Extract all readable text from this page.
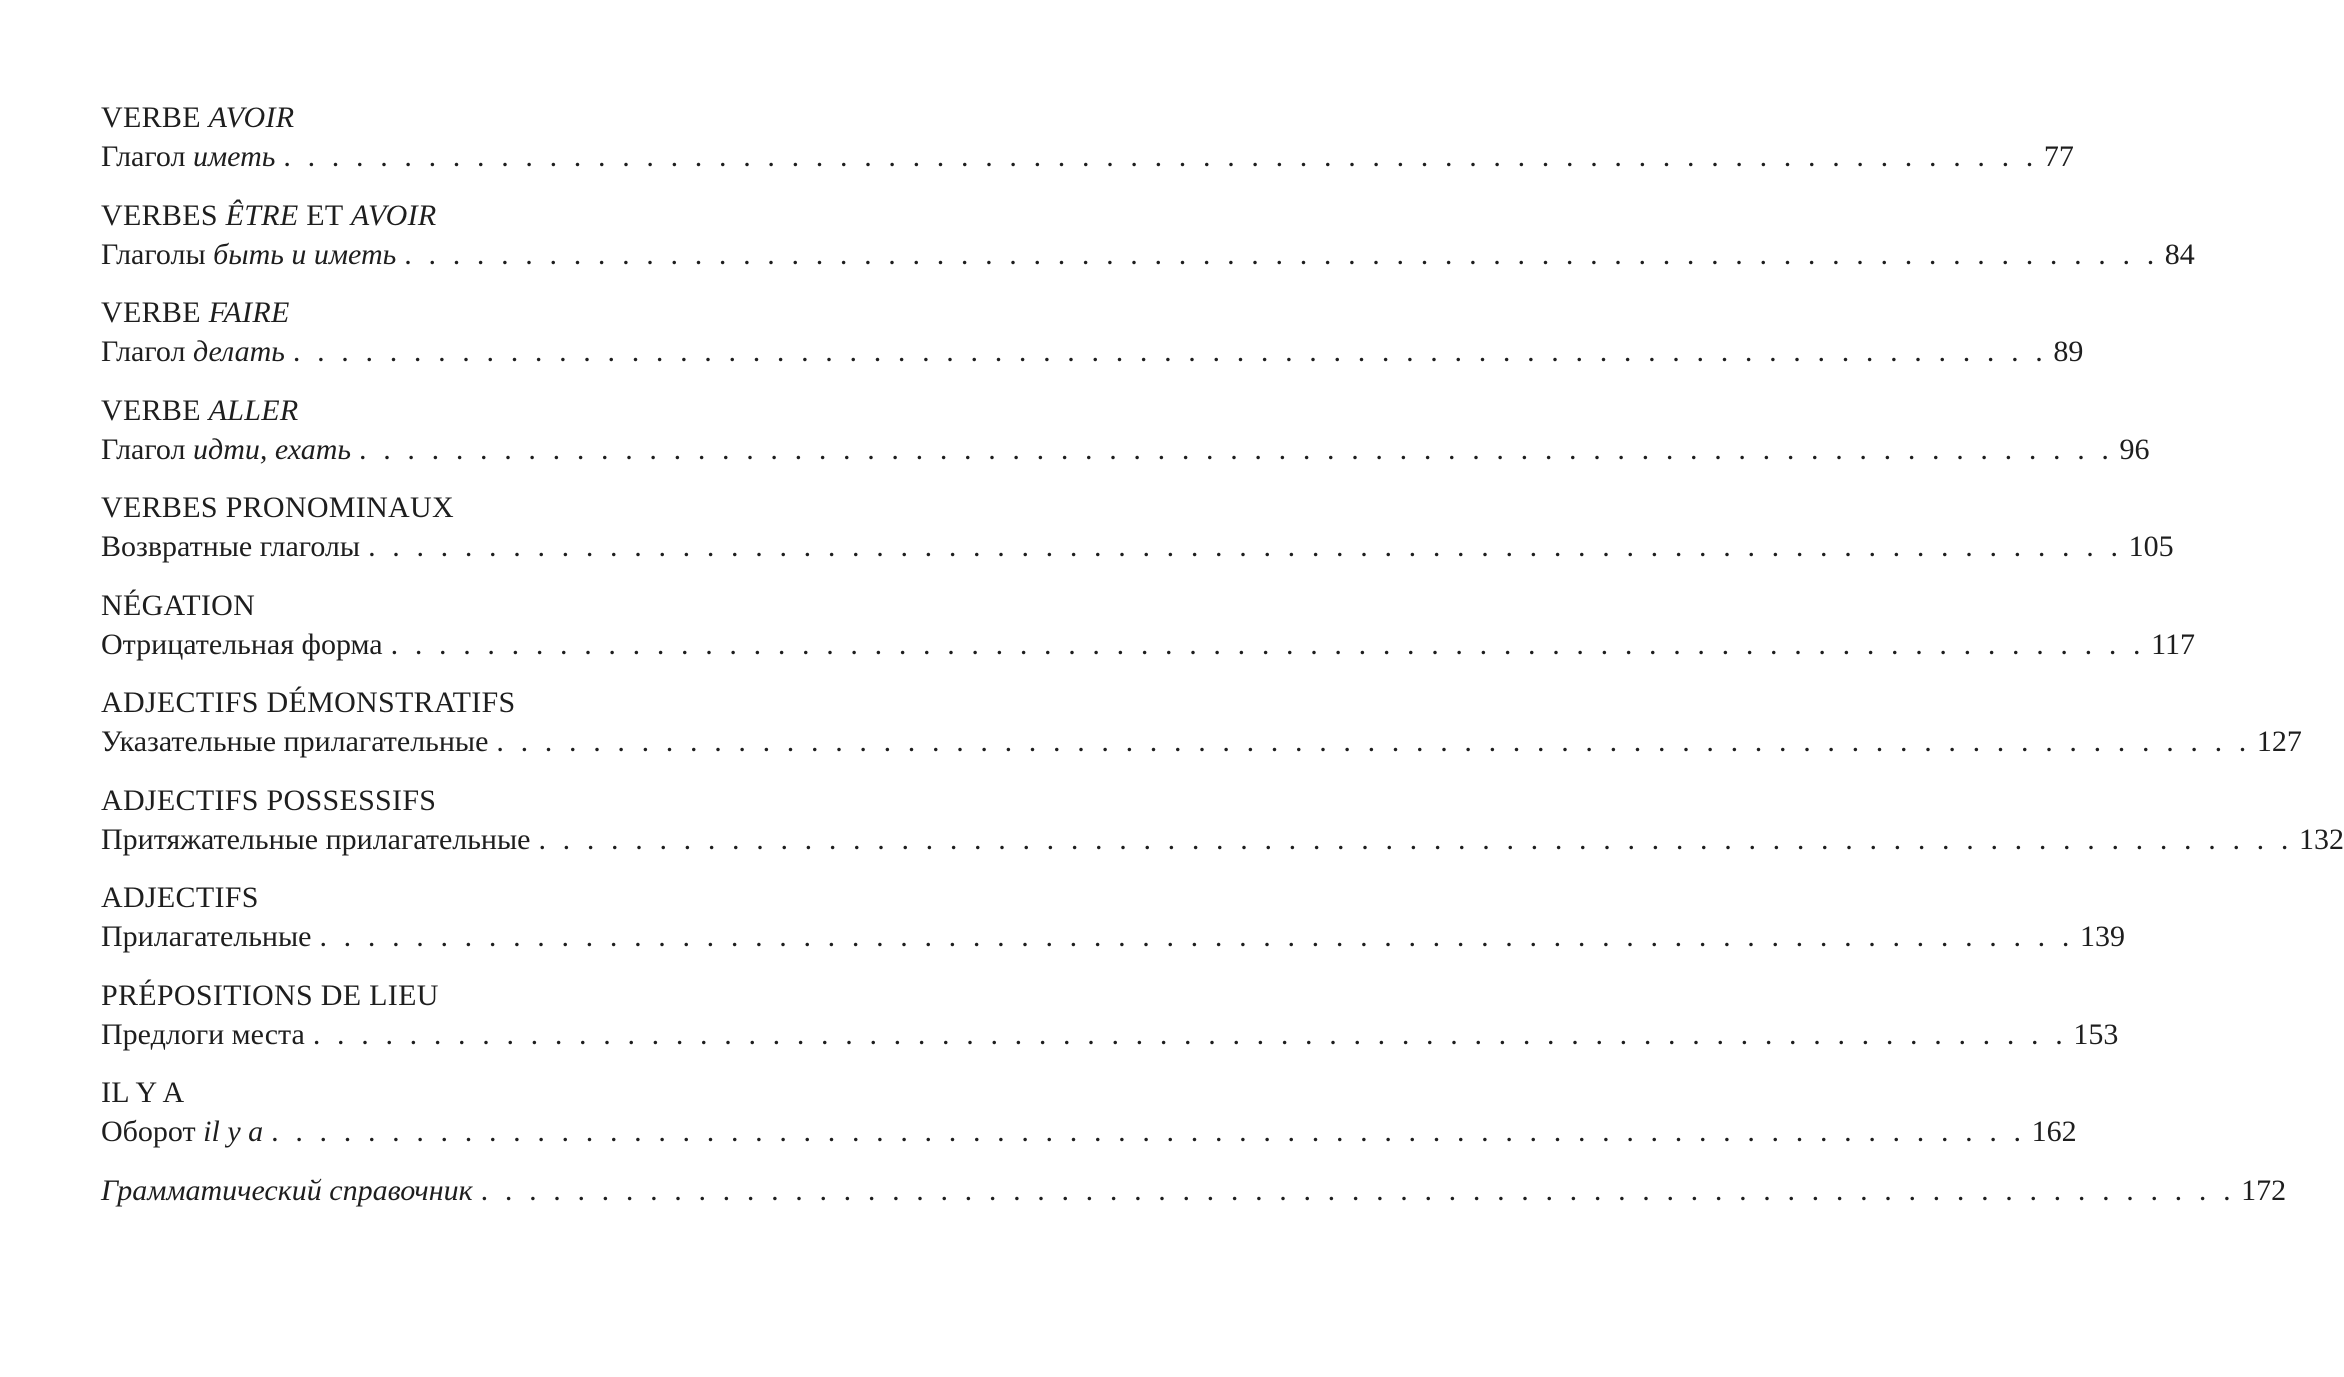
VERBE AVOIR
Глагол иметь . . . . . . . . . . . . . . . . . . . . . . . . . . . . . . . . . . . . . . . . . . . . . . . . . . . . . . . . . . . . . . . . . . . . . . . . . 77
VERBES ÊTRE ET AVOIR
Глаголы быть и иметь . . . . . . . . . . . . . . . . . . . . . . . . . . . . . . . . . . . . . . . . . . . . . . . . . . . . . . . . . . . . . . . . . . . . . . . . . 84
VERBE FAIRE
Глагол делать . . . . . . . . . . . . . . . . . . . . . . . . . . . . . . . . . . . . . . . . . . . . . . . . . . . . . . . . . . . . . . . . . . . . . . . . . 89
VERBE ALLER
Глагол идти, ехать . . . . . . . . . . . . . . . . . . . . . . . . . . . . . . . . . . . . . . . . . . . . . . . . . . . . . . . . . . . . . . . . . . . . . . . . . 96
VERBES PRONOMINAUX
Возвратные глаголы . . . . . . . . . . . . . . . . . . . . . . . . . . . . . . . . . . . . . . . . . . . . . . . . . . . . . . . . . . . . . . . . . . . . . . . . . 105
NÉGATION
Отрицательная форма . . . . . . . . . . . . . . . . . . . . . . . . . . . . . . . . . . . . . . . . . . . . . . . . . . . . . . . . . . . . . . . . . . . . . . . . . 117
ADJECTIFS DÉMONSTRATIFS
Указательные прилагательные . . . . . . . . . . . . . . . . . . . . . . . . . . . . . . . . . . . . . . . . . . . . . . . . . . . . . . . . . . . . . . . . . . . . . . . . . 127
ADJECTIFS POSSESSIFS
Притяжательные прилагательные . . . . . . . . . . . . . . . . . . . . . . . . . . . . . . . . . . . . . . . . . . . . . . . . . . . . . . . . . . . . . . . . . . . . . . . . . 132
ADJECTIFS
Прилагательные . . . . . . . . . . . . . . . . . . . . . . . . . . . . . . . . . . . . . . . . . . . . . . . . . . . . . . . . . . . . . . . . . . . . . . . . . 139
PRÉPOSITIONS DE LIEU
Предлоги места . . . . . . . . . . . . . . . . . . . . . . . . . . . . . . . . . . . . . . . . . . . . . . . . . . . . . . . . . . . . . . . . . . . . . . . . . 153
IL Y A
Оборот il y a . . . . . . . . . . . . . . . . . . . . . . . . . . . . . . . . . . . . . . . . . . . . . . . . . . . . . . . . . . . . . . . . . . . . . . . . . 162
Грамматический справочник . . . . . . . . . . . . . . . . . . . . . . . . . . . . . . . . . . . . . . . . . . . . . . . . . . . . . . . . . . . . . . . . . . . . . . . . . 172
